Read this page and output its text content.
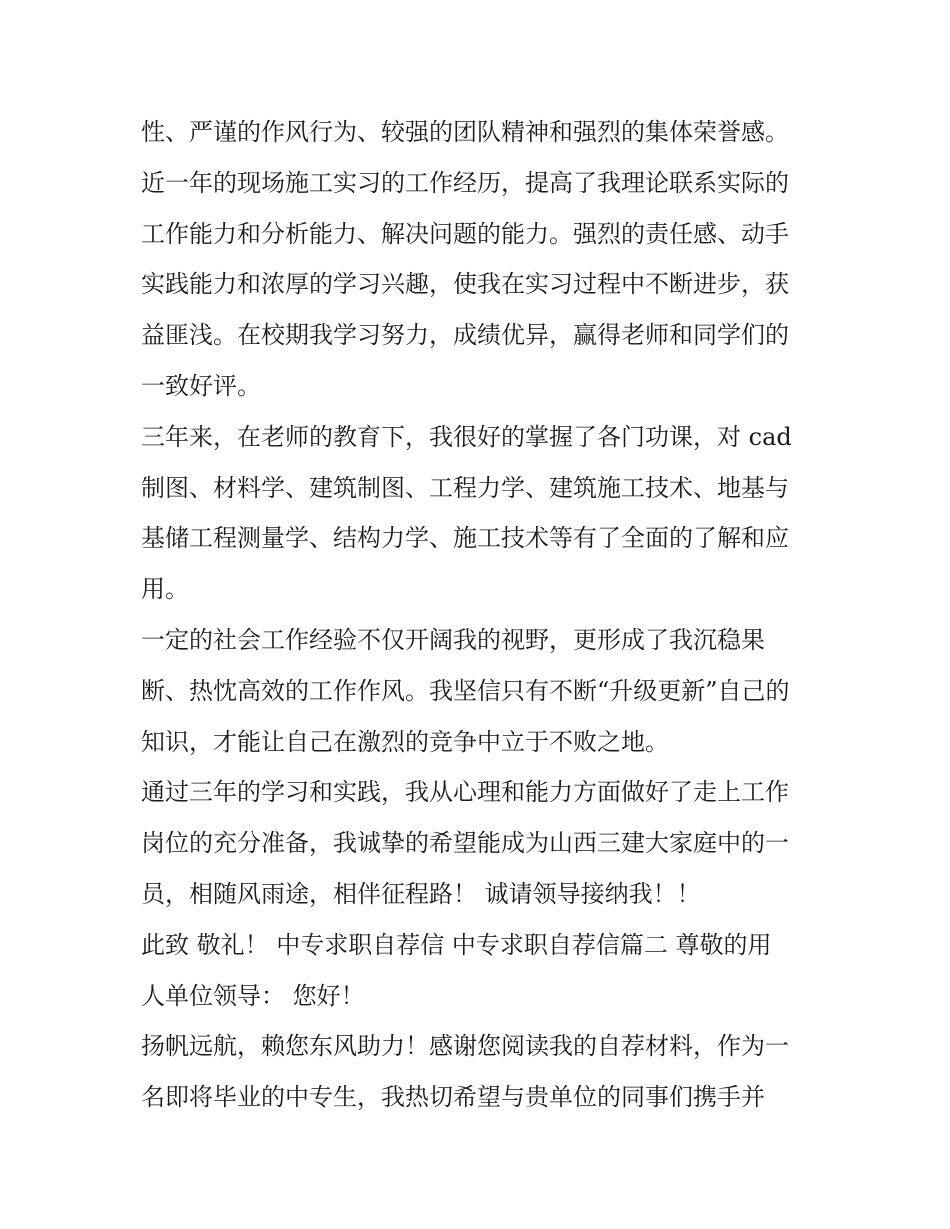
性、严谨的作风行为、较强的团队精神和强烈的集体荣誉感。
近一年的现场施工实习的工作经历，提高了我理论联系实际的
工作能力和分析能力、解决问题的能力。强烈的责任感、动手
实践能力和浓厚的学习兴趣，使我在实习过程中不断进步，获
益匪浅。在校期我学习努力，成绩优异，赢得老师和同学们的
一致好评。
三年来，在老师的教育下，我很好的掌握了各门功课，对 cad
制图、材料学、建筑制图、工程力学、建筑施工技术、地基与
基储工程测量学、结构力学、施工技术等有了全面的了解和应
用。
一定的社会工作经验不仅开阔我的视野，更形成了我沉稳果
断、热忱高效的工作作风。我坚信只有不断“升级更新”自己的
知识，才能让自己在激烈的竞争中立于不败之地。
通过三年的学习和实践，我从心理和能力方面做好了走上工作
岗位的充分准备，我诚挚的希望能成为山西三建大家庭中的一
员，相随风雨途，相伴征程路！ 诚请领导接纳我！！
此致 敬礼！ 中专求职自荐信 中专求职自荐信篇二 尊敬的用
人单位领导： 您好！
扬帆远航，赖您东风助力！感谢您阅读我的自荐材料，作为一
名即将毕业的中专生，我热切希望与贵单位的同事们携手并
